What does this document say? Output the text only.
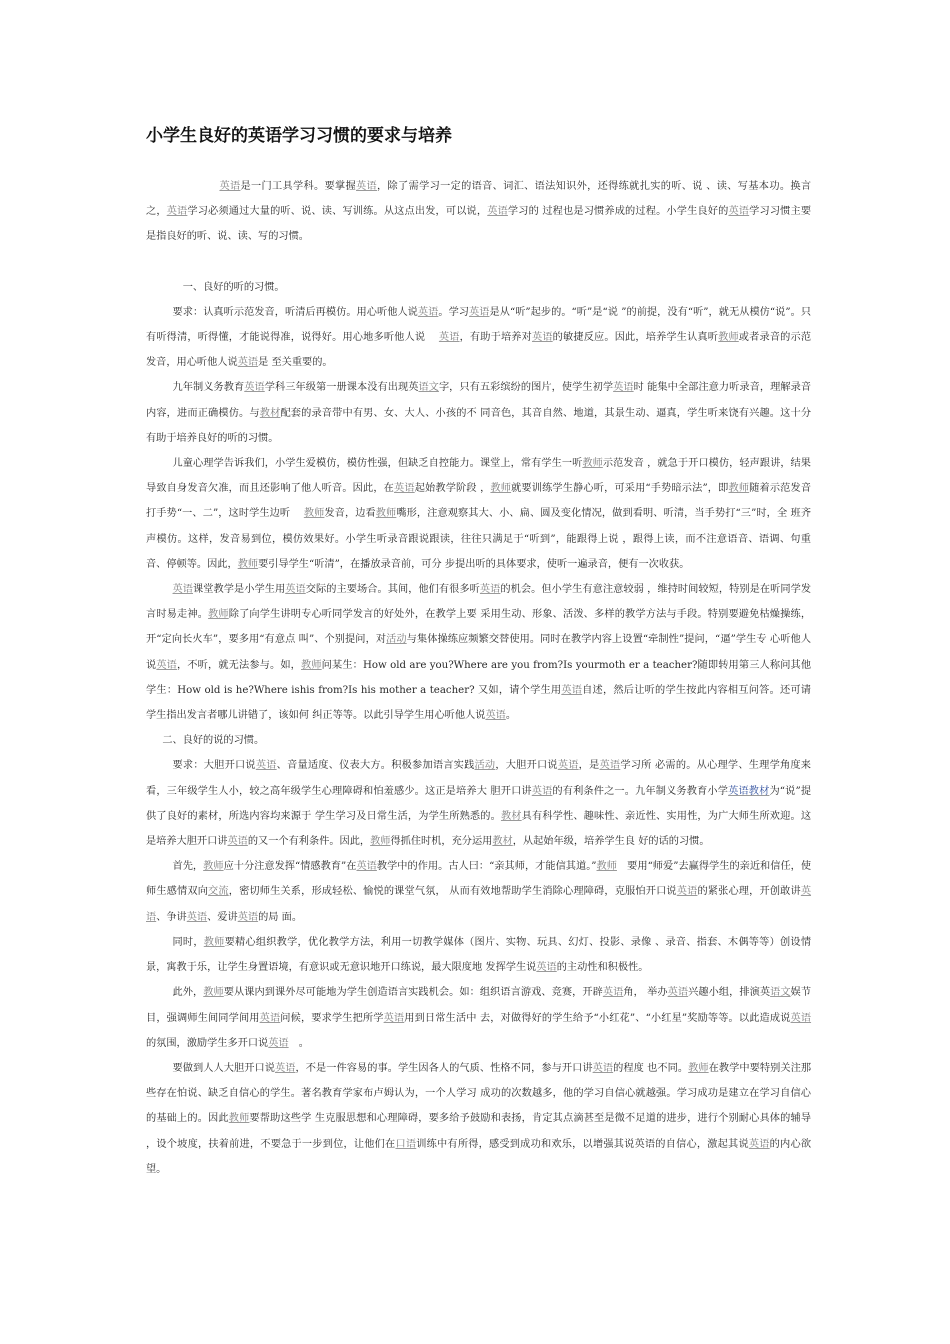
小学生良好的英语学习习惯的要求与培养

英语是一门工具学科。要掌握英语，除了需学习一定的语音、词汇、语法知识外，还得练就扎实的听、说 、读、写基本功。换言之，英语学习必须通过大量的听、说、读、写训练。从这点出发，可以说，英语学习的 过程也是习惯养成的过程。小学生良好的英语学习习惯主要是指良好的听、说、读、写的习惯。

一、良好的听的习惯。

要求：认真听示范发音，听清后再模仿。用心听他人说英语。学习英语是从“听”起步的。“听”是“说 ”的前提，没有“听”，就无从模仿“说”。只有听得清，听得懂，才能说得准，说得好。用心地多听他人说 　英语，有助于培养对英语的敏捷反应。因此，培养学生认真听教师或者录音的示范发音，用心听他人说英语是 至关重要的。

九年制义务教育英语学科三年级第一册课本没有出现英语文字，只有五彩缤纷的图片，使学生初学英语时 能集中全部注意力听录音，理解录音内容，进而正确模仿。与教材配套的录音带中有男、女、大人、小孩的不 同音色，其音自然、地道，其景生动、逼真，学生听来饶有兴趣。这十分有助于培养良好的听的习惯。

儿童心理学告诉我们，小学生爱模仿，模仿性强，但缺乏自控能力。课堂上，常有学生一听教师示范发音 ，就急于开口模仿，轻声跟讲，结果导致自身发音欠准，而且还影响了他人听音。因此，在英语起始教学阶段 ，教师就要训练学生静心听，可采用“手势暗示法”，即教师随着示范发音打手势“一、二”，这时学生边听　 教师发音，边看教师嘴形，注意观察其大、小、扁、圆及变化情况，做到看明、听清，当手势打“三”时，全 班齐声模仿。这样，发音易到位，模仿效果好。小学生听录音跟说跟读，往往只满足于“听到”，能跟得上说 ，跟得上读，而不注意语音、语调、句重音、停顿等。因此，教师要引导学生“听清”，在播放录音前，可分 步提出听的具体要求，使听一遍录音，便有一次收获。

英语课堂教学是小学生用英语交际的主要场合。其间，他们有很多听英语的机会。但小学生有意注意较弱 ，维持时间较短，特别是在听同学发言时易走神。教师除了向学生讲明专心听同学发言的好处外，在教学上要 采用生动、形象、活泼、多样的教学方法与手段。特别要避免枯燥操练，开“定向长火车”，要多用“有意点 叫”、个别提问，对活动与集体操练应频繁交替使用。同时在教学内容上设置“牵制性”提问，“逼”学生专 心听他人说英语，不听，就无法参与。如，教师问某生：How old are you?Where are you from?Is yourmoth er a teacher?随即转用第三人称问其他学生：How old is he?Where ishis from?Is his mother a teacher? 又如，请个学生用英语自述，然后让听的学生按此内容相互问答。还可请学生指出发言者哪儿讲错了，该如何 纠正等等。以此引导学生用心听他人说英语。

二、良好的说的习惯。

要求：大胆开口说英语、音量适度、仪表大方。积极参加语言实践活动，大胆开口说英语，是英语学习所 必需的。从心理学、生理学角度来看，三年级学生人小，较之高年级学生心理障碍和怕羞感少。这正是培养大 胆开口讲英语的有利条件之一。九年制义务教育小学英语教材为“说”提供了良好的素材，所选内容均来源于 学生学习及日常生活，为学生所熟悉的。教材具有科学性、趣味性、亲近性、实用性，为广大师生所欢迎。这 是培养大胆开口讲英语的又一个有利条件。因此，教师得抓住时机，充分运用教材，从起始年级，培养学生良 好的话的习惯。

首先，教师应十分注意发挥“情感教育”在英语教学中的作用。古人曰：“亲其师，才能信其道。”教师　要用“师爱”去赢得学生的亲近和信任，使师生感情双向交流，密切师生关系，形成轻松、愉悦的课堂气氛， 从而有效地帮助学生消除心理障碍，克服怕开口说英语的紧张心理，开创敢讲英语、争讲英语、爱讲英语的局 面。

同时，教师要精心组织教学，优化教学方法，利用一切教学媒体（图片、实物、玩具、幻灯、投影、录像 、录音、指套、木偶等等）创设情景，寓教于乐，让学生身置语境，有意识或无意识地开口练说，最大限度地 发挥学生说英语的主动性和积极性。

此外，教师要从课内到课外尽可能地为学生创造语言实践机会。如：组织语言游戏、竞赛，开辟英语角， 举办英语兴趣小组，排演英语文娱节目，强调师生间同学间用英语问候，要求学生把所学英语用到日常生活中 去，对做得好的学生给予“小红花”、“小红星”奖励等等。以此造成说英语的氛围，激励学生多开口说英语　。

要做到人人大胆开口说英语，不是一件容易的事。学生因各人的气质、性格不同，参与开口讲英语的程度 也不同。教师在教学中要特别关注那些存在怕说、缺乏自信心的学生。著名教育学家布卢姆认为，一个人学习 成功的次数越多，他的学习自信心就越强。学习成功是建立在学习自信心的基础上的。因此教师要帮助这些学 生克服思想和心理障碍，要多给予鼓励和表扬，肯定其点滴甚至是微不足道的进步，进行个别耐心具体的辅导 ，设个坡度，扶着前进，不要急于一步到位，让他们在口语训练中有所得，感受到成功和欢乐，以增强其说英语的自信心，激起其说英语的内心欲望。
